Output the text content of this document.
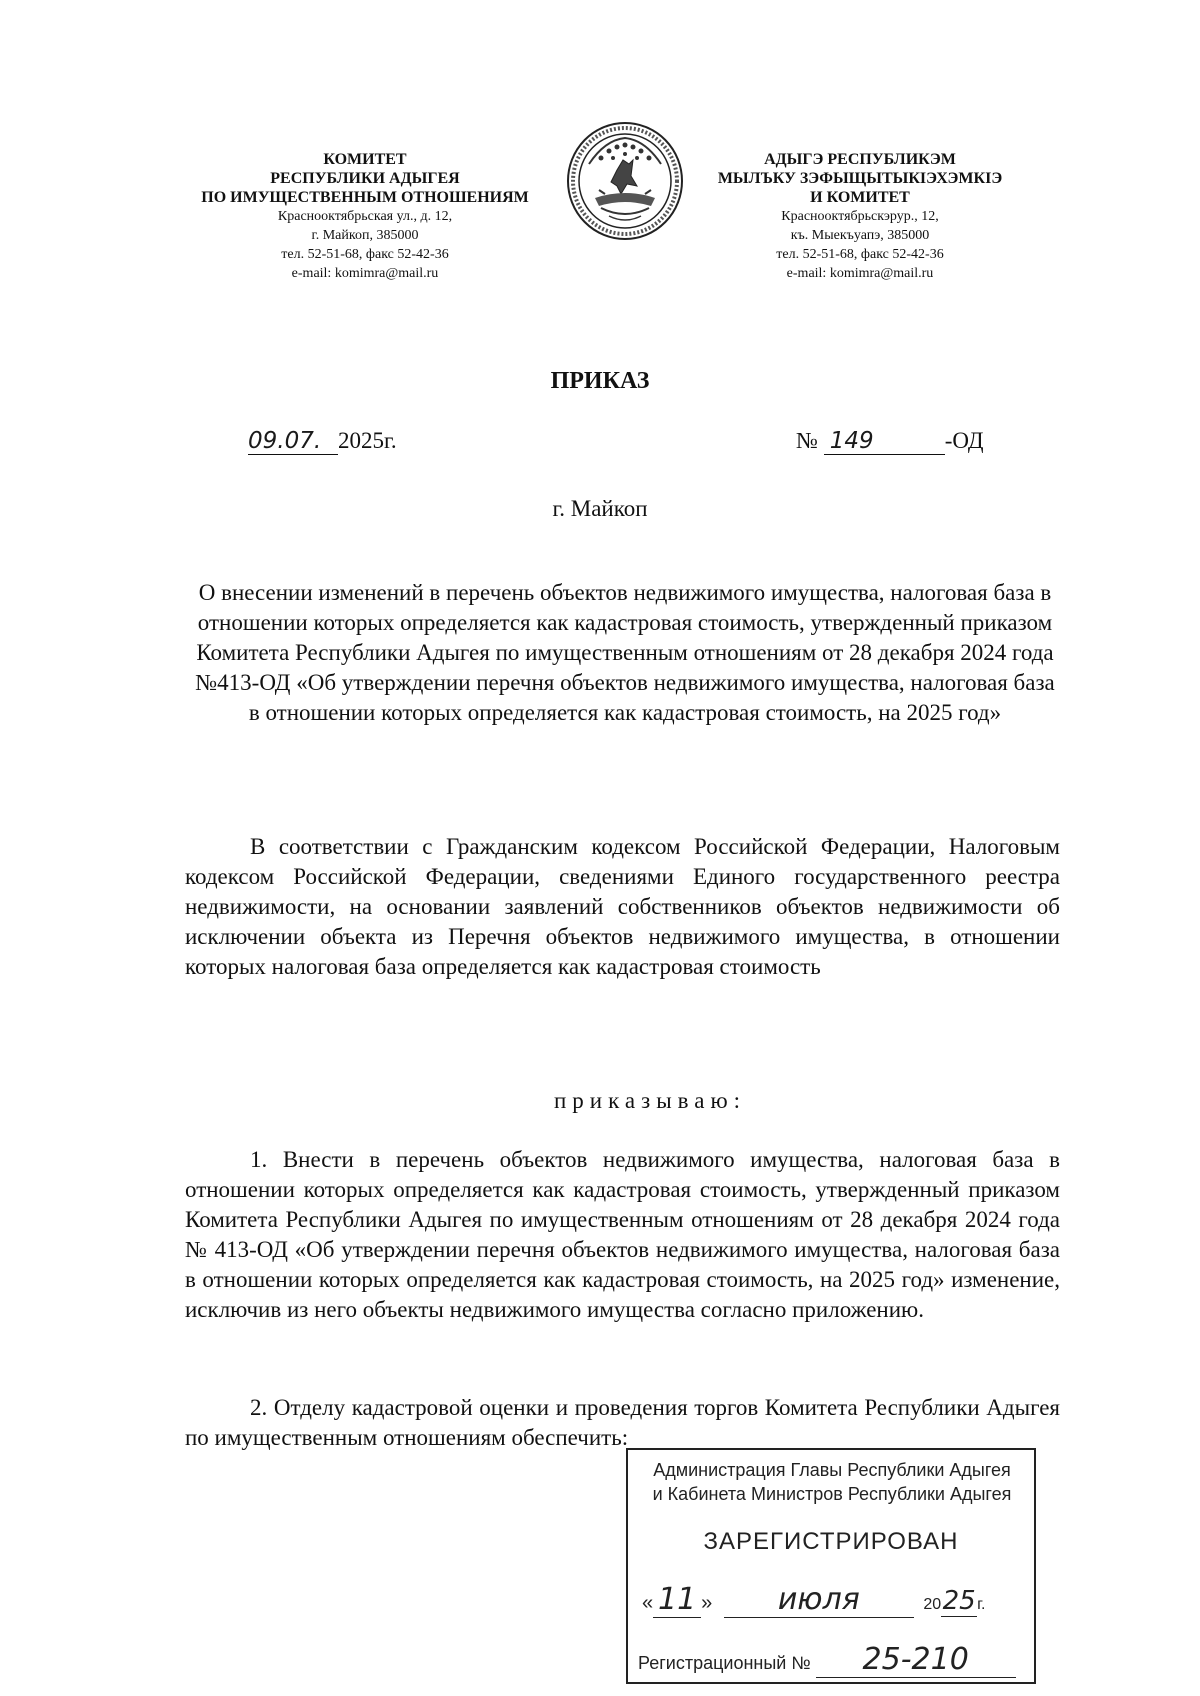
КОМИТЕТ
РЕСПУБЛИКИ АДЫГЕЯ
ПО ИМУЩЕСТВЕННЫМ ОТНОШЕНИЯМ
Краснооктябрьская ул., д. 12,
г. Майкоп, 385000
тел. 52-51-68, факс 52-42-36
e-mail: komimra@mail.ru
АДЫГЭ РЕСПУБЛИКЭМ
МЫЛЪКУ ЗЭФЫЩЫТЫКIЭХЭМКIЭ
И КОМИТЕТ
Краснооктябрьскэрур., 12,
къ. Мыекъуапэ, 385000
тел. 52-51-68, факс 52-42-36
e-mail: komimra@mail.ru
ПРИКАЗ
09.07. 2025г.	№ 149	-ОД
г. Майкоп
О внесении изменений в перечень объектов недвижимого имущества, налоговая база в отношении которых определяется как кадастровая стоимость, утвержденный приказом Комитета Республики Адыгея по имущественным отношениям от 28 декабря 2024 года №413-ОД «Об утверждении перечня объектов недвижимого имущества, налоговая база в отношении которых определяется как кадастровая стоимость, на 2025 год»
В соответствии с Гражданским кодексом Российской Федерации, Налоговым кодексом Российской Федерации, сведениями Единого государственного реестра недвижимости, на основании заявлений собственников объектов недвижимости об исключении объекта из Перечня объектов недвижимого имущества, в отношении которых налоговая база определяется как кадастровая стоимость
приказываю:
1. Внести в перечень объектов недвижимого имущества, налоговая база в отношении которых определяется как кадастровая стоимость, утвержденный приказом Комитета Республики Адыгея по имущественным отношениям от 28 декабря 2024 года № 413-ОД «Об утверждении перечня объектов недвижимого имущества, налоговая база в отношении которых определяется как кадастровая стоимость, на 2025 год» изменение, исключив из него объекты недвижимого имущества согласно приложению.
2. Отделу кадастровой оценки и проведения торгов Комитета Республики Адыгея по имущественным отношениям обеспечить:
Администрация Главы Республики Адыгея
и Кабинета Министров Республики Адыгея
ЗАРЕГИСТРИРОВАН
« 11 » июля	2025г.
Регистрационный № 25-210
